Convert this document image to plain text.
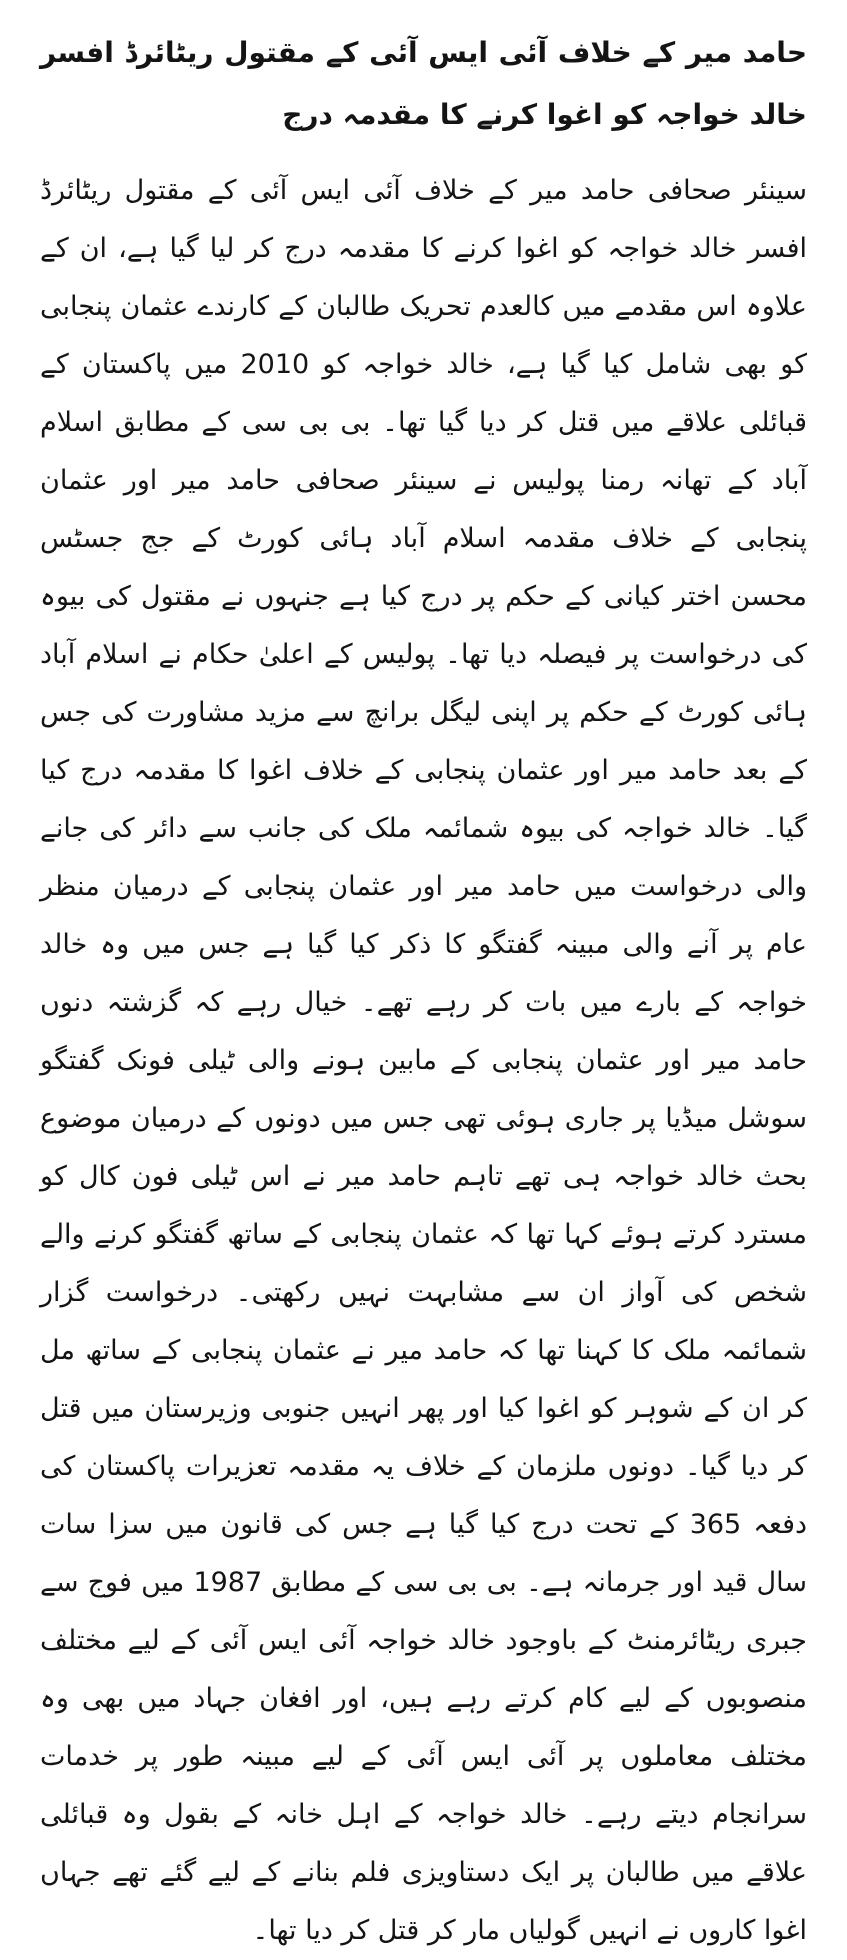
حامد میر کے خلاف آئی ایس آئی کے مقتول ریٹائرڈ افسر خالد خواجہ کو اغوا کرنے کا مقدمہ درج

سینئر صحافی حامد میر کے خلاف آئی ایس آئی کے مقتول ریٹائرڈ افسر خالد خواجہ کو اغوا کرنے کا مقدمہ درج کر لیا گیا ہے، ان کے علاوہ اس مقدمے میں کالعدم تحریک طالبان کے کارندے عثمان پنجابی کو بھی شامل کیا گیا ہے، خالد خواجہ کو 2010 میں پاکستان کے قبائلی علاقے میں قتل کر دیا گیا تھا۔ بی بی سی کے مطابق اسلام آباد کے تھانہ رمنا پولیس نے سینئر صحافی حامد میر اور عثمان پنجابی کے خلاف مقدمہ اسلام آباد ہائی کورٹ کے جج جسٹس محسن اختر کیانی کے حکم پر درج کیا ہے جنہوں نے مقتول کی بیوہ کی درخواست پر فیصلہ دیا تھا۔ پولیس کے اعلیٰ حکام نے اسلام آباد ہائی کورٹ کے حکم پر اپنی لیگل برانچ سے مزید مشاورت کی جس کے بعد حامد میر اور عثمان پنجابی کے خلاف اغوا کا مقدمہ درج کیا گیا۔ خالد خواجہ کی بیوہ شمائمہ ملک کی جانب سے دائر کی جانے والی درخواست میں حامد میر اور عثمان پنجابی کے درمیان منظر عام پر آنے والی مبینہ گفتگو کا ذکر کیا گیا ہے جس میں وہ خالد خواجہ کے بارے میں بات کر رہے تھے۔ خیال رہے کہ گزشتہ دنوں حامد میر اور عثمان پنجابی کے مابین ہونے والی ٹیلی فونک گفتگو سوشل میڈیا پر جاری ہوئی تھی جس میں دونوں کے درمیان موضوع بحث خالد خواجہ ہی تھے تاہم حامد میر نے اس ٹیلی فون کال کو مسترد کرتے ہوئے کہا تھا کہ عثمان پنجابی کے ساتھ گفتگو کرنے والے شخص کی آواز ان سے مشابہت نہیں رکھتی۔ درخواست گزار شمائمہ ملک کا کہنا تھا کہ حامد میر نے عثمان پنجابی کے ساتھ مل کر ان کے شوہر کو اغوا کیا اور پھر انہیں جنوبی وزیرستان میں قتل کر دیا گیا۔ دونوں ملزمان کے خلاف یہ مقدمہ تعزیرات پاکستان کی دفعہ 365 کے تحت درج کیا گیا ہے جس کی قانون میں سزا سات سال قید اور جرمانہ ہے۔ بی بی سی کے مطابق 1987 میں فوج سے جبری ریٹائرمنٹ کے باوجود خالد خواجہ آئی ایس آئی کے لیے مختلف منصوبوں کے لیے کام کرتے رہے ہیں، اور افغان جہاد میں بھی وہ مختلف معاملوں پر آئی ایس آئی کے لیے مبینہ طور پر خدمات سرانجام دیتے رہے۔ خالد خواجہ کے اہل خانہ کے بقول وہ قبائلی علاقے میں طالبان پر ایک دستاویزی فلم بنانے کے لیے گئے تھے جہاں اغوا کاروں نے انہیں گولیاں مار کر قتل کر دیا تھا۔
